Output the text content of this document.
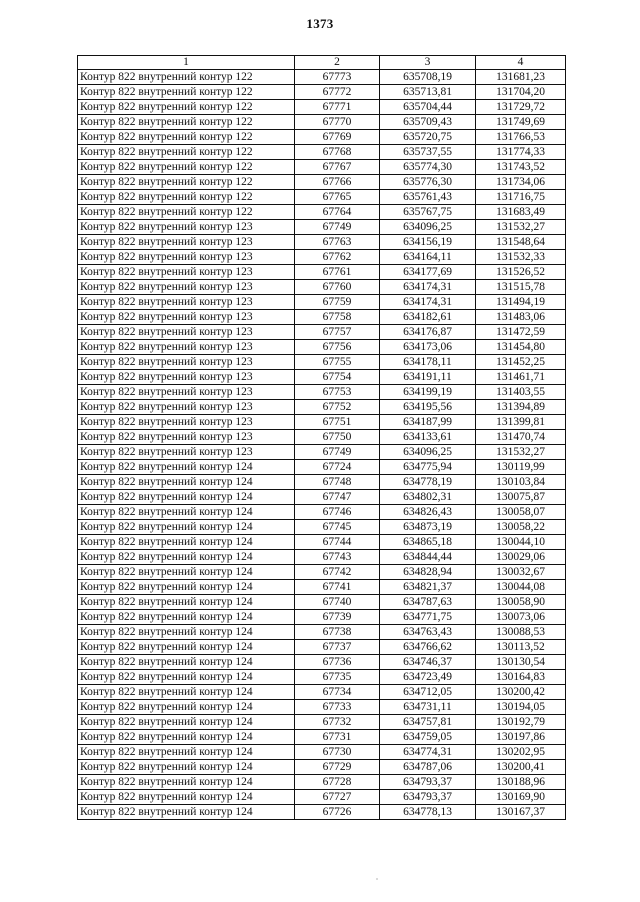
1373
1	2	3	4
Контур 822 внутренний контур 122	67773	635708,19	131681,23
Контур 822 внутренний контур 122	67772	635713,81	131704,20
Контур 822 внутренний контур 122	67771	635704,44	131729,72
Контур 822 внутренний контур 122	67770	635709,43	131749,69
Контур 822 внутренний контур 122	67769	635720,75	131766,53
Контур 822 внутренний контур 122	67768	635737,55	131774,33
Контур 822 внутренний контур 122	67767	635774,30	131743,52
Контур 822 внутренний контур 122	67766	635776,30	131734,06
Контур 822 внутренний контур 122	67765	635761,43	131716,75
Контур 822 внутренний контур 122	67764	635767,75	131683,49
Контур 822 внутренний контур 123	67749	634096,25	131532,27
Контур 822 внутренний контур 123	67763	634156,19	131548,64
Контур 822 внутренний контур 123	67762	634164,11	131532,33
Контур 822 внутренний контур 123	67761	634177,69	131526,52
Контур 822 внутренний контур 123	67760	634174,31	131515,78
Контур 822 внутренний контур 123	67759	634174,31	131494,19
Контур 822 внутренний контур 123	67758	634182,61	131483,06
Контур 822 внутренний контур 123	67757	634176,87	131472,59
Контур 822 внутренний контур 123	67756	634173,06	131454,80
Контур 822 внутренний контур 123	67755	634178,11	131452,25
Контур 822 внутренний контур 123	67754	634191,11	131461,71
Контур 822 внутренний контур 123	67753	634199,19	131403,55
Контур 822 внутренний контур 123	67752	634195,56	131394,89
Контур 822 внутренний контур 123	67751	634187,99	131399,81
Контур 822 внутренний контур 123	67750	634133,61	131470,74
Контур 822 внутренний контур 123	67749	634096,25	131532,27
Контур 822 внутренний контур 124	67724	634775,94	130119,99
Контур 822 внутренний контур 124	67748	634778,19	130103,84
Контур 822 внутренний контур 124	67747	634802,31	130075,87
Контур 822 внутренний контур 124	67746	634826,43	130058,07
Контур 822 внутренний контур 124	67745	634873,19	130058,22
Контур 822 внутренний контур 124	67744	634865,18	130044,10
Контур 822 внутренний контур 124	67743	634844,44	130029,06
Контур 822 внутренний контур 124	67742	634828,94	130032,67
Контур 822 внутренний контур 124	67741	634821,37	130044,08
Контур 822 внутренний контур 124	67740	634787,63	130058,90
Контур 822 внутренний контур 124	67739	634771,75	130073,06
Контур 822 внутренний контур 124	67738	634763,43	130088,53
Контур 822 внутренний контур 124	67737	634766,62	130113,52
Контур 822 внутренний контур 124	67736	634746,37	130130,54
Контур 822 внутренний контур 124	67735	634723,49	130164,83
Контур 822 внутренний контур 124	67734	634712,05	130200,42
Контур 822 внутренний контур 124	67733	634731,11	130194,05
Контур 822 внутренний контур 124	67732	634757,81	130192,79
Контур 822 внутренний контур 124	67731	634759,05	130197,86
Контур 822 внутренний контур 124	67730	634774,31	130202,95
Контур 822 внутренний контур 124	67729	634787,06	130200,41
Контур 822 внутренний контур 124	67728	634793,37	130188,96
Контур 822 внутренний контур 124	67727	634793,37	130169,90
Контур 822 внутренний контур 124	67726	634778,13	130167,37
